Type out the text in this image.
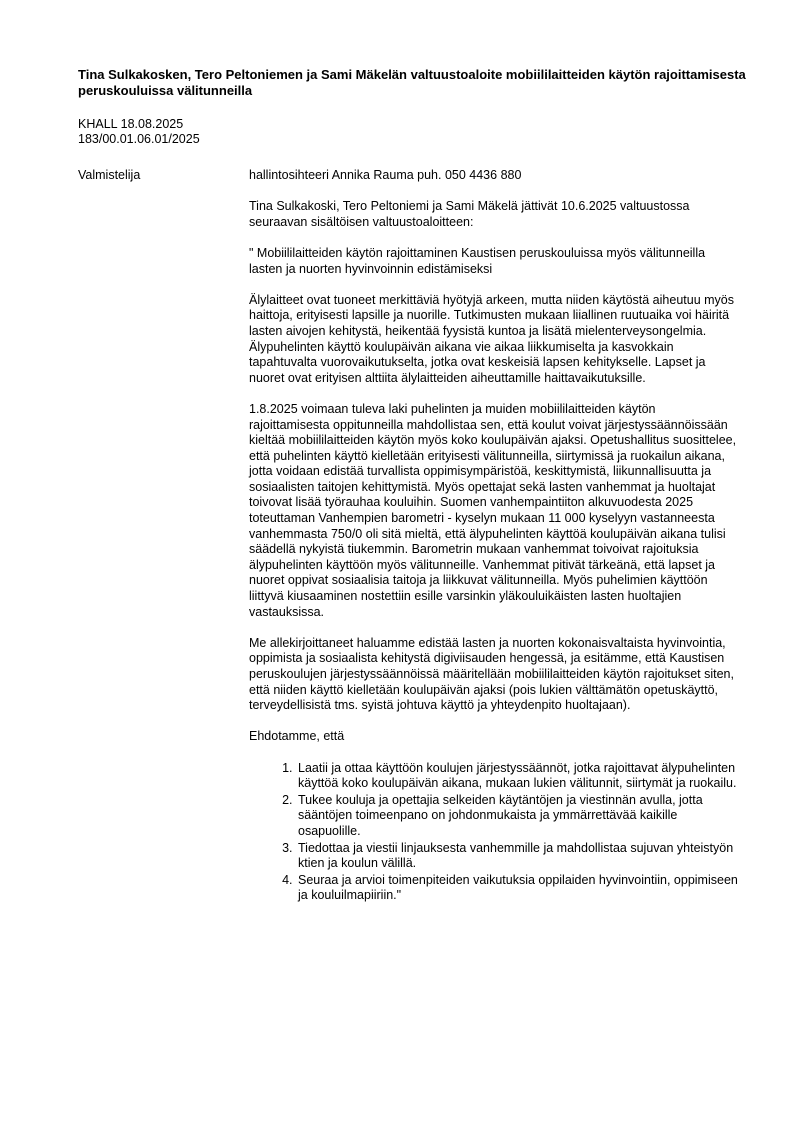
Tina Sulkakosken, Tero Peltoniemen ja Sami Mäkelän valtuustoaloite mobiililaitteiden käytön rajoittamisesta peruskouluissa välitunneilla
KHALL 18.08.2025
183/00.01.06.01/2025
Valmistelija	hallintosihteeri Annika Rauma puh. 050 4436 880

Tina Sulkakoski, Tero Peltoniemi ja Sami Mäkelä jättivät 10.6.2025 valtuustossa seuraavan sisältöisen valtuustoaloitteen:

" Mobiililaitteiden käytön rajoittaminen Kaustisen peruskouluissa myös välitunneilla lasten ja nuorten hyvinvoinnin edistämiseksi

Älylaitteet ovat tuoneet merkittäviä hyötyjä arkeen, mutta niiden käytöstä aiheutuu myös haittoja, erityisesti lapsille ja nuorille. Tutkimusten mukaan liiallinen ruutuaika voi häiritä lasten aivojen kehitystä, heikentää fyysistä kuntoa ja lisätä mielenterveysongelmia. Älypuhelinten käyttö koulupäivän aikana vie aikaa liikkumiselta ja kasvokkain tapahtuvalta vuorovaikutukselta, jotka ovat keskeisiä lapsen kehitykselle. Lapset ja nuoret ovat erityisen alttiita älylaitteiden aiheuttamille haittavaikutuksille.

1.8.2025 voimaan tuleva laki puhelinten ja muiden mobiililaitteiden käytön rajoittamisesta oppitunneilla mahdollistaa sen, että koulut voivat järjestyssäännöissään kieltää mobiililaitteiden käytön myös koko koulupäivän ajaksi. Opetushallitus suosittelee, että puhelinten käyttö kielletään erityisesti välitunneilla, siirtymissä ja ruokailun aikana, jotta voidaan edistää turvallista oppimisympäristöä, keskittymistä, liikunnallisuutta ja sosiaalisten taitojen kehittymistä. Myös opettajat sekä lasten vanhemmat ja huoltajat toivovat lisää työrauhaa kouluihin. Suomen vanhempaintiiton alkuvuodesta 2025 toteuttaman Vanhempien barometri - kyselyn mukaan 11 000 kyselyyn vastanneesta vanhemmasta 750/0 oli sitä mieltä, että älypuhelinten käyttöä koulupäivän aikana tulisi säädellä nykyistä tiukemmin. Barometrin mukaan vanhemmat toivoivat rajoituksia älypuhelinten käyttöön myös välitunneille. Vanhemmat pitivät tärkeänä, että lapset ja nuoret oppivat sosiaalisia taitoja ja liikkuvat välitunneilla. Myös puhelimien käyttöön liittyvä kiusaaminen nostettiin esille varsinkin yläkouluikäisten lasten huoltajien vastauksissa.

Me allekirjoittaneet haluamme edistää lasten ja nuorten kokonaisvaltaista hyvinvointia, oppimista ja sosiaalista kehitystä digiviisauden hengessä, ja esitämme, että Kaustisen peruskoulujen järjestyssäännöissä määritellään mobiililaitteiden käytön rajoitukset siten, että niiden käyttö kielletään koulupäivän ajaksi (pois lukien välttämätön opetuskäyttö, terveydellisistä tms. syistä johtuva käyttö ja yhteydenpito huoltajaan).

Ehdotamme, että

1. Laatii ja ottaa käyttöön koulujen järjestyssäännöt, jotka rajoittavat älypuhelinten käyttöä koko koulupäivän aikana, mukaan lukien välitunnit, siirtymät ja ruokailu.
2. Tukee kouluja ja opettajia selkeiden käytäntöjen ja viestinnän avulla, jotta sääntöjen toimeenpano on johdonmukaista ja ymmärrettävää kaikille osapuolille.
3. Tiedottaa ja viestii linjauksesta vanhemmille ja mahdollistaa sujuvan yhteistyön ktien ja koulun välillä.
4. Seuraa ja arvioi toimenpiteiden vaikutuksia oppilaiden hyvinvointiin, oppimiseen ja kouluilmapiiriin."
